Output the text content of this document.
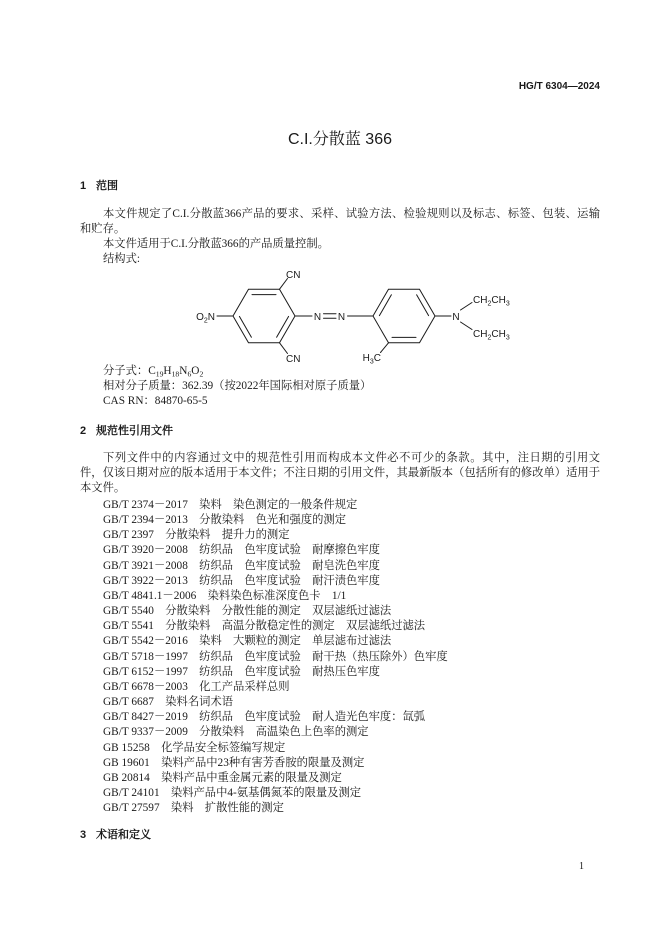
HG/T 6304—2024
C.I.分散蓝 366
1 范围

本文件规定了C.I.分散蓝366产品的要求、采样、试验方法、检验规则以及标志、标签、包装、运输和贮存。

本文件适用于C.I.分散蓝366的产品质量控制。

结构式:

CN
CN
$O_2N$	N N	N
$CH_2CH_3$
$CH_2CH_3$
$H_3C$

分子式：$C_{19}H_{18}N_6O_2$

相对分子质量：362.39（按2022年国际相对原子质量）

CAS RN：84870-65-5

2 规范性引用文件

下列文件中的内容通过文中的规范性引用而构成本文件必不可少的条款。其中，注日期的引用文件，仅该日期对应的版本适用于本文件；不注日期的引用文件，其最新版本（包括所有的修改单）适用于本文件。

GB/T 2374－2017 染料　染色测定的一般条件规定
GB/T 2394－2013 分散染料　色光和强度的测定
GB/T 2397 分散染料　提升力的测定
GB/T 3920－2008 纺织品　色牢度试验　耐摩擦色牢度
GB/T 3921－2008 纺织品　色牢度试验　耐皂洗色牢度
GB/T 3922－2013 纺织品　色牢度试验　耐汗渍色牢度
GB/T 4841.1－2006 染料染色标准深度色卡　1/1
GB/T 5540 分散染料　分散性能的测定　双层滤纸过滤法
GB/T 5541 分散染料　高温分散稳定性的测定　双层滤纸过滤法
GB/T 5542－2016 染料　大颗粒的测定　单层滤布过滤法
GB/T 5718－1997 纺织品　色牢度试验　耐干热（热压除外）色牢度
GB/T 6152－1997 纺织品　色牢度试验　耐热压色牢度
GB/T 6678－2003 化工产品采样总则
GB/T 6687 染料名词术语
GB/T 8427－2019 纺织品　色牢度试验　耐人造光色牢度：氙弧
GB/T 9337－2009 分散染料　高温染色上色率的测定
GB 15258 化学品安全标签编写规定
GB 19601 染料产品中23种有害芳香胺的限量及测定
GB 20814 染料产品中重金属元素的限量及测定
GB/T 24101 染料产品中4-氨基偶氮苯的限量及测定
GB/T 27597 染料　扩散性能的测定
3 术语和定义
1
